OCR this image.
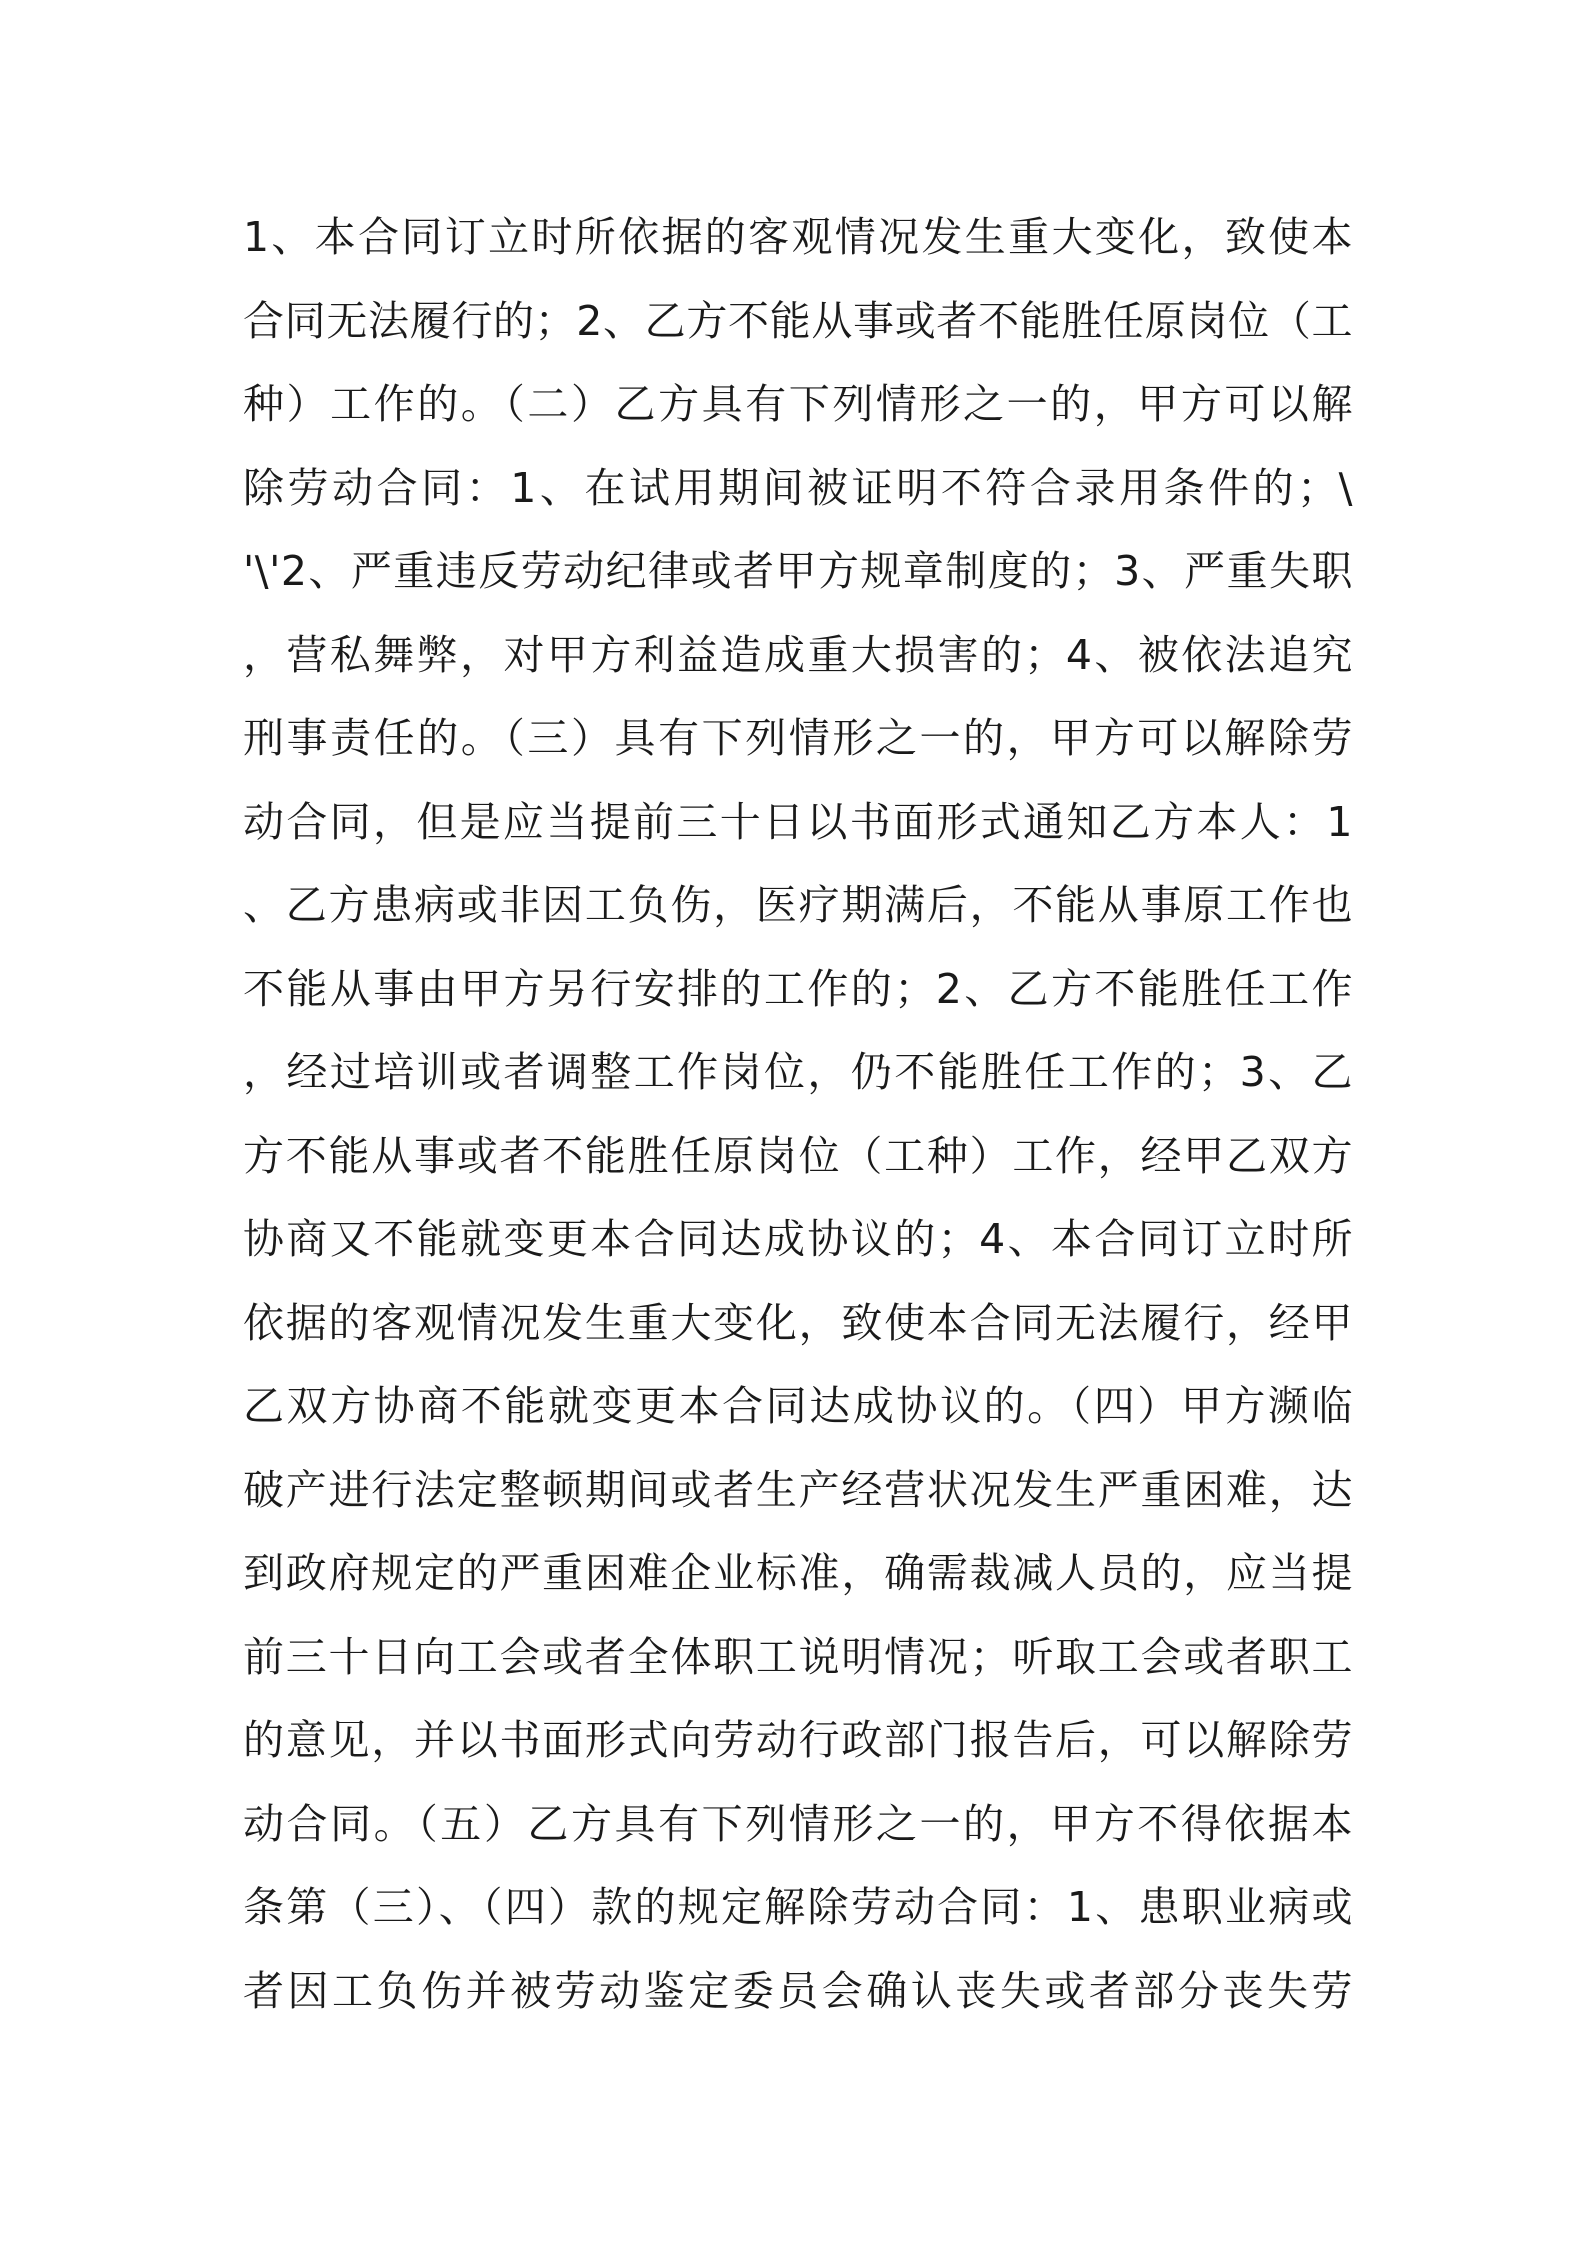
1、本合同订立时所依据的客观情况发生重大变化，致使本
合同无法履行的；2、乙方不能从事或者不能胜任原岗位（工
种）工作的。（二）乙方具有下列情形之一的，甲方可以解
除劳动合同：1、在试用期间被证明不符合录用条件的；\
'\'2、严重违反劳动纪律或者甲方规章制度的；3、严重失职
，营私舞弊，对甲方利益造成重大损害的；4、被依法追究
刑事责任的。（三）具有下列情形之一的，甲方可以解除劳
动合同，但是应当提前三十日以书面形式通知乙方本人：1
、乙方患病或非因工负伤，医疗期满后，不能从事原工作也
不能从事由甲方另行安排的工作的；2、乙方不能胜任工作
，经过培训或者调整工作岗位，仍不能胜任工作的；3、乙
方不能从事或者不能胜任原岗位（工种）工作，经甲乙双方
协商又不能就变更本合同达成协议的；4、本合同订立时所
依据的客观情况发生重大变化，致使本合同无法履行，经甲
乙双方协商不能就变更本合同达成协议的。（四）甲方濒临
破产进行法定整顿期间或者生产经营状况发生严重困难，达
到政府规定的严重困难企业标准，确需裁减人员的，应当提
前三十日向工会或者全体职工说明情况；听取工会或者职工
的意见，并以书面形式向劳动行政部门报告后，可以解除劳
动合同。（五）乙方具有下列情形之一的，甲方不得依据本
条第（三）、（四）款的规定解除劳动合同：1、患职业病或
者因工负伤并被劳动鉴定委员会确认丧失或者部分丧失劳
